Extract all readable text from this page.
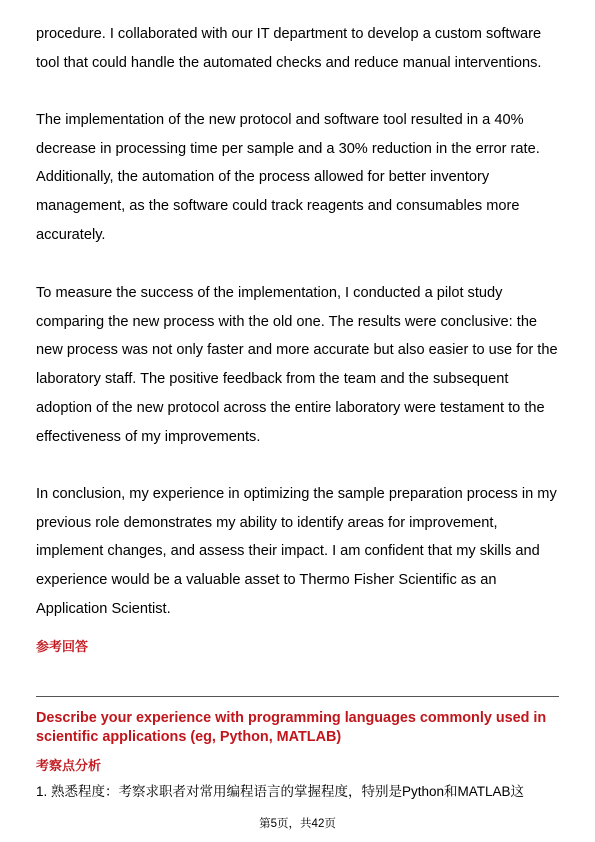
procedure. I collaborated with our IT department to develop a custom software
tool that could handle the automated checks and reduce manual interventions.
The implementation of the new protocol and software tool resulted in a 40%
decrease in processing time per sample and a 30% reduction in the error rate.
Additionally, the automation of the process allowed for better inventory
management, as the software could track reagents and consumables more
accurately.
To measure the success of the implementation, I conducted a pilot study
comparing the new process with the old one. The results were conclusive: the
new process was not only faster and more accurate but also easier to use for the
laboratory staff. The positive feedback from the team and the subsequent
adoption of the new protocol across the entire laboratory were testament to the
effectiveness of my improvements.
In conclusion, my experience in optimizing the sample preparation process in my
previous role demonstrates my ability to identify areas for improvement,
implement changes, and assess their impact. I am confident that my skills and
experience would be a valuable asset to Thermo Fisher Scientific as an
Application Scientist.
参考回答
Describe your experience with programming languages commonly used in
scientific applications (eg, Python, MATLAB)
考察点分析
1. 熟悉程度：考察求职者对常用编程语言的掌握程度，特别是Python和MATLAB这
第5页，共42页
